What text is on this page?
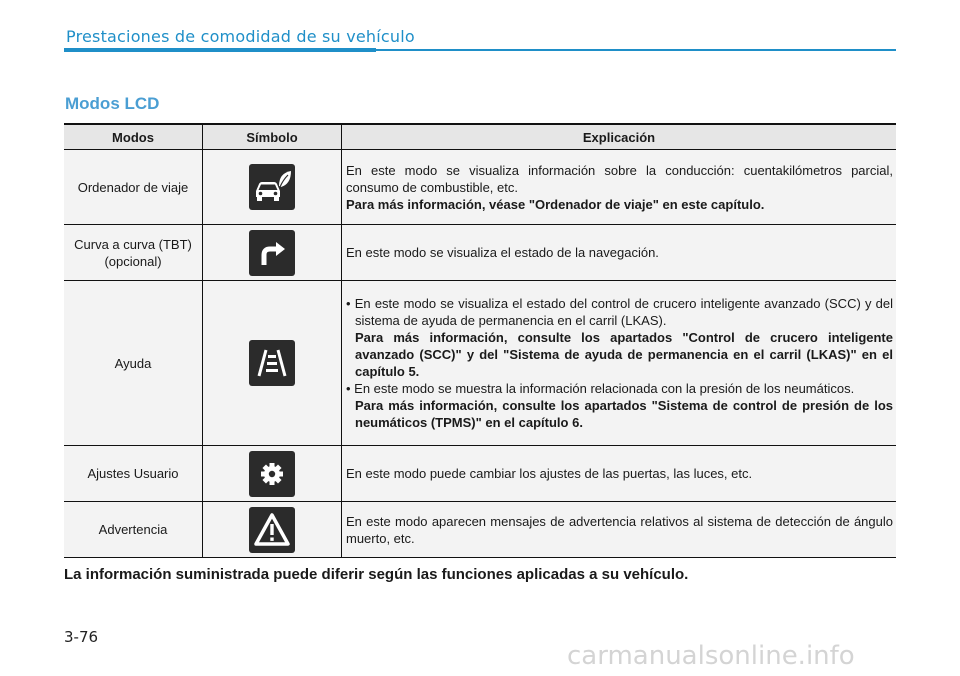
Prestaciones de comodidad de su vehículo
Modos LCD
Modos	Símbolo	Explicación
Ordenador de viaje		En este modo se visualiza información sobre la conducción: cuentakilómetros parcial, consumo de combustible, etc.
Para más información, véase "Ordenador de viaje" en este capítulo.
Curva a curva (TBT) (opcional)		En este modo se visualiza el estado de la navegación.
Ayuda		• En este modo se visualiza el estado del control de crucero inteligente avanzado (SCC) y del sistema de ayuda de permanencia en el carril (LKAS).
Para más información, consulte los apartados "Control de crucero inteligente avanzado (SCC)" y del "Sistema de ayuda de permanencia en el carril (LKAS)" en el capítulo 5.
• En este modo se muestra la información relacionada con la presión de los neumáticos.
Para más información, consulte los apartados "Sistema de control de presión de los neumáticos (TPMS)" en el capítulo 6.

Ajustes Usuario		En este modo puede cambiar los ajustes de las puertas, las luces, etc.
Advertencia		En este modo aparecen mensajes de advertencia relativos al sistema de detección de ángulo muerto, etc.
La información suministrada puede diferir según las funciones aplicadas a su vehículo.
3-76
carmanualsonline.info
